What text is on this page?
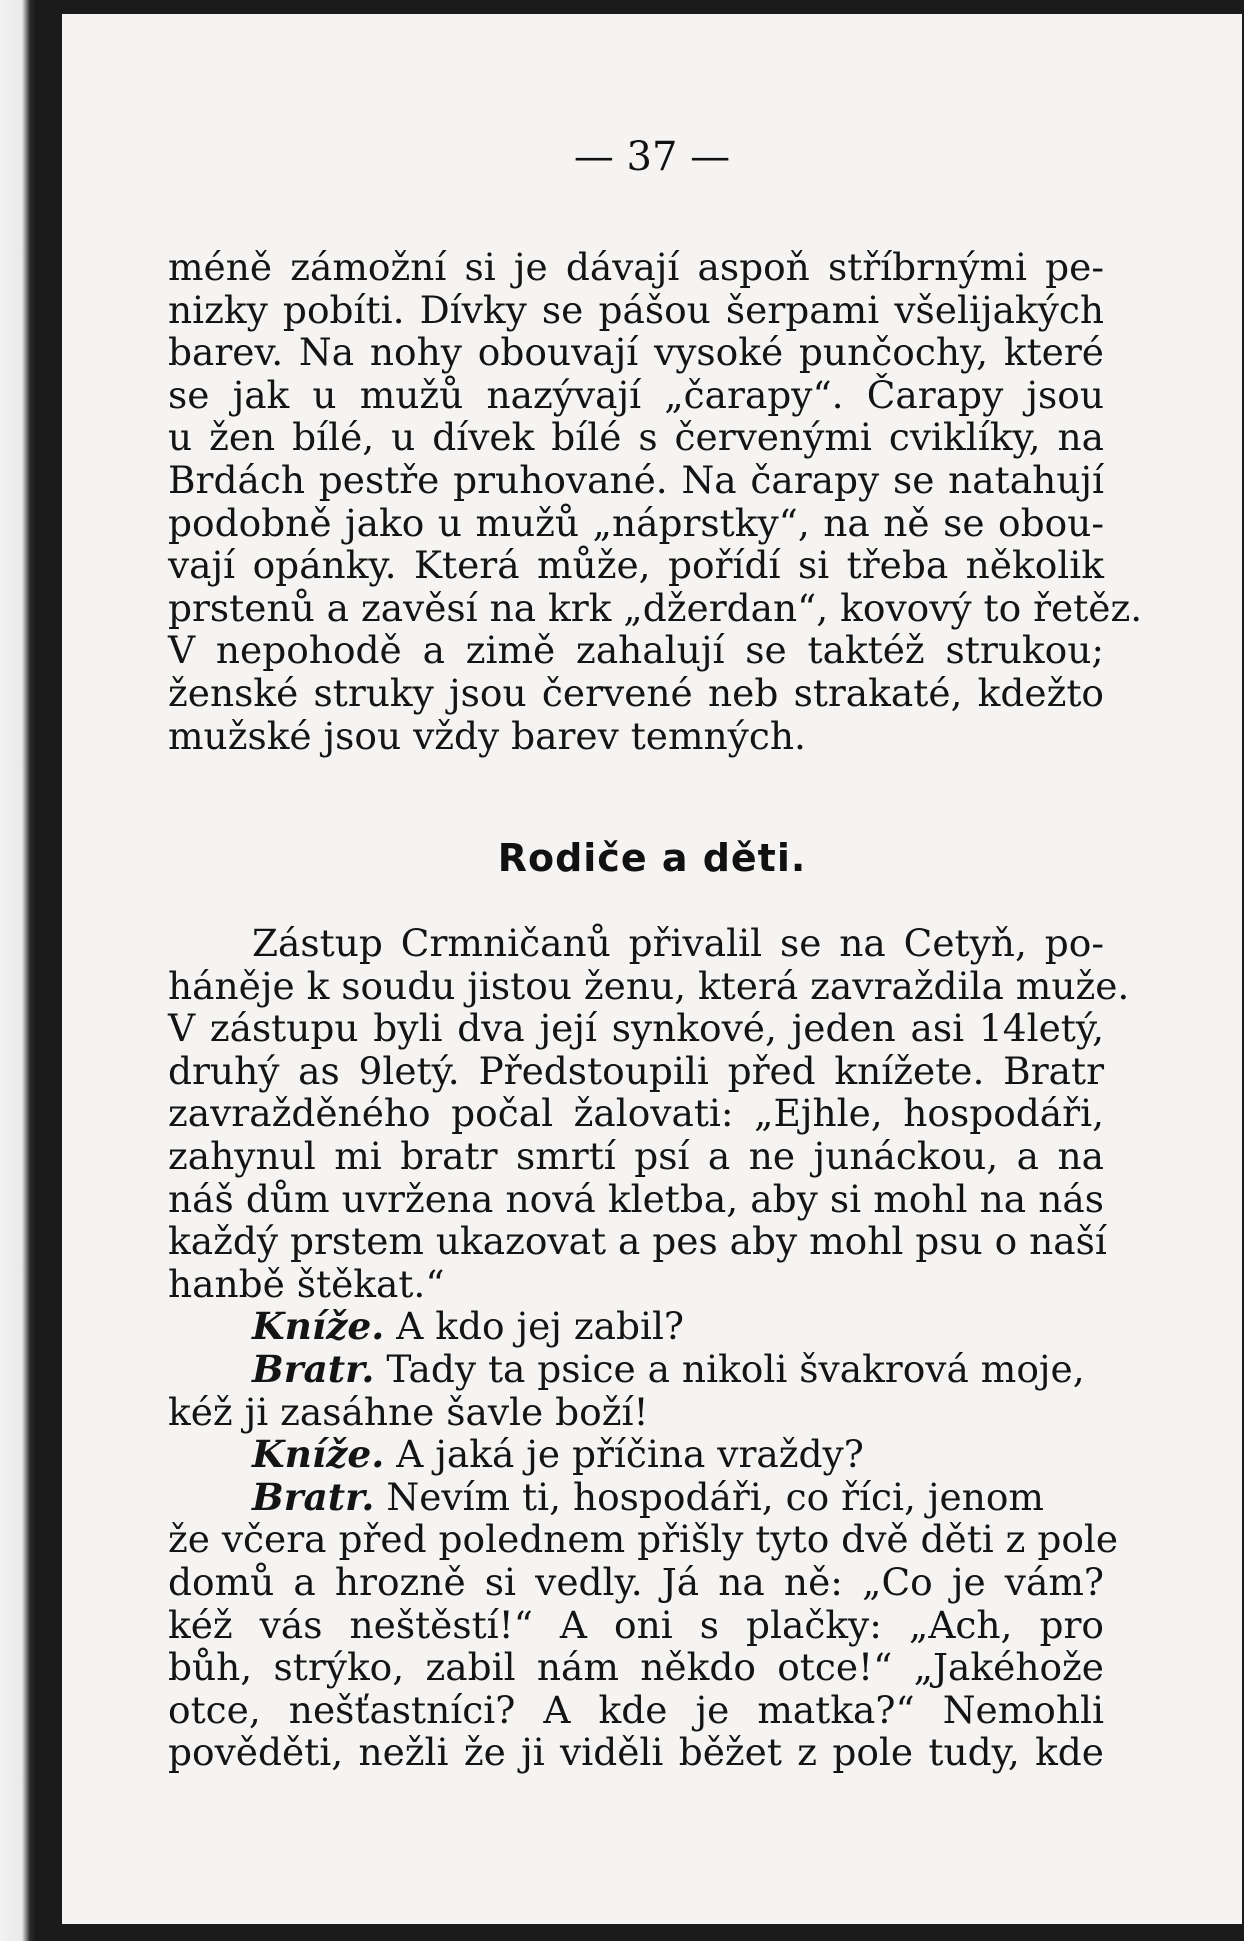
— 37 —
méně zámožní si je dávají aspoň stříbrnými pe-
nizky pobíti. Dívky se pášou šerpami všelijakých
barev. Na nohy obouvají vysoké punčochy, které
se jak u mužů nazývají „čarapy“. Čarapy jsou
u žen bílé, u dívek bílé s červenými cviklíky, na
Brdách pestře pruhované. Na čarapy se natahují
podobně jako u mužů „náprstky“, na ně se obou-
vají opánky. Která může, pořídí si třeba několik
prstenů a zavěsí na krk „džerdan“, kovový to řetěz.
V nepohodě a zimě zahalují se taktéž strukou;
ženské struky jsou červené neb strakaté, kdežto
mužské jsou vždy barev temných.
Rodiče a děti.
Zástup Crmničanů přivalil se na Cetyň, po-
háněje k soudu jistou ženu, která zavraždila muže.
V zástupu byli dva její synkové, jeden asi 14letý,
druhý as 9letý. Předstoupili před knížete. Bratr
zavražděného počal žalovati: „Ejhle, hospodáři,
zahynul mi bratr smrtí psí a ne junáckou, a na
náš dům uvržena nová kletba, aby si mohl na nás
každý prstem ukazovat a pes aby mohl psu o naší
hanbě štěkat.“
Kníže. A kdo jej zabil?
Bratr. Tady ta psice a nikoli švakrová moje,
kéž ji zasáhne šavle boží!
Kníže. A jaká je příčina vraždy?
Bratr. Nevím ti, hospodáři, co říci, jenom
že včera před polednem přišly tyto dvě děti z pole
domů a hrozně si vedly. Já na ně: „Co je vám?
kéž vás neštěstí!“ A oni s plačky: „Ach, pro
bůh, strýko, zabil nám někdo otce!“ „Jakéhože
otce, nešťastníci? A kde je matka?“ Nemohli
pověděti, nežli že ji viděli běžet z pole tudy, kde
